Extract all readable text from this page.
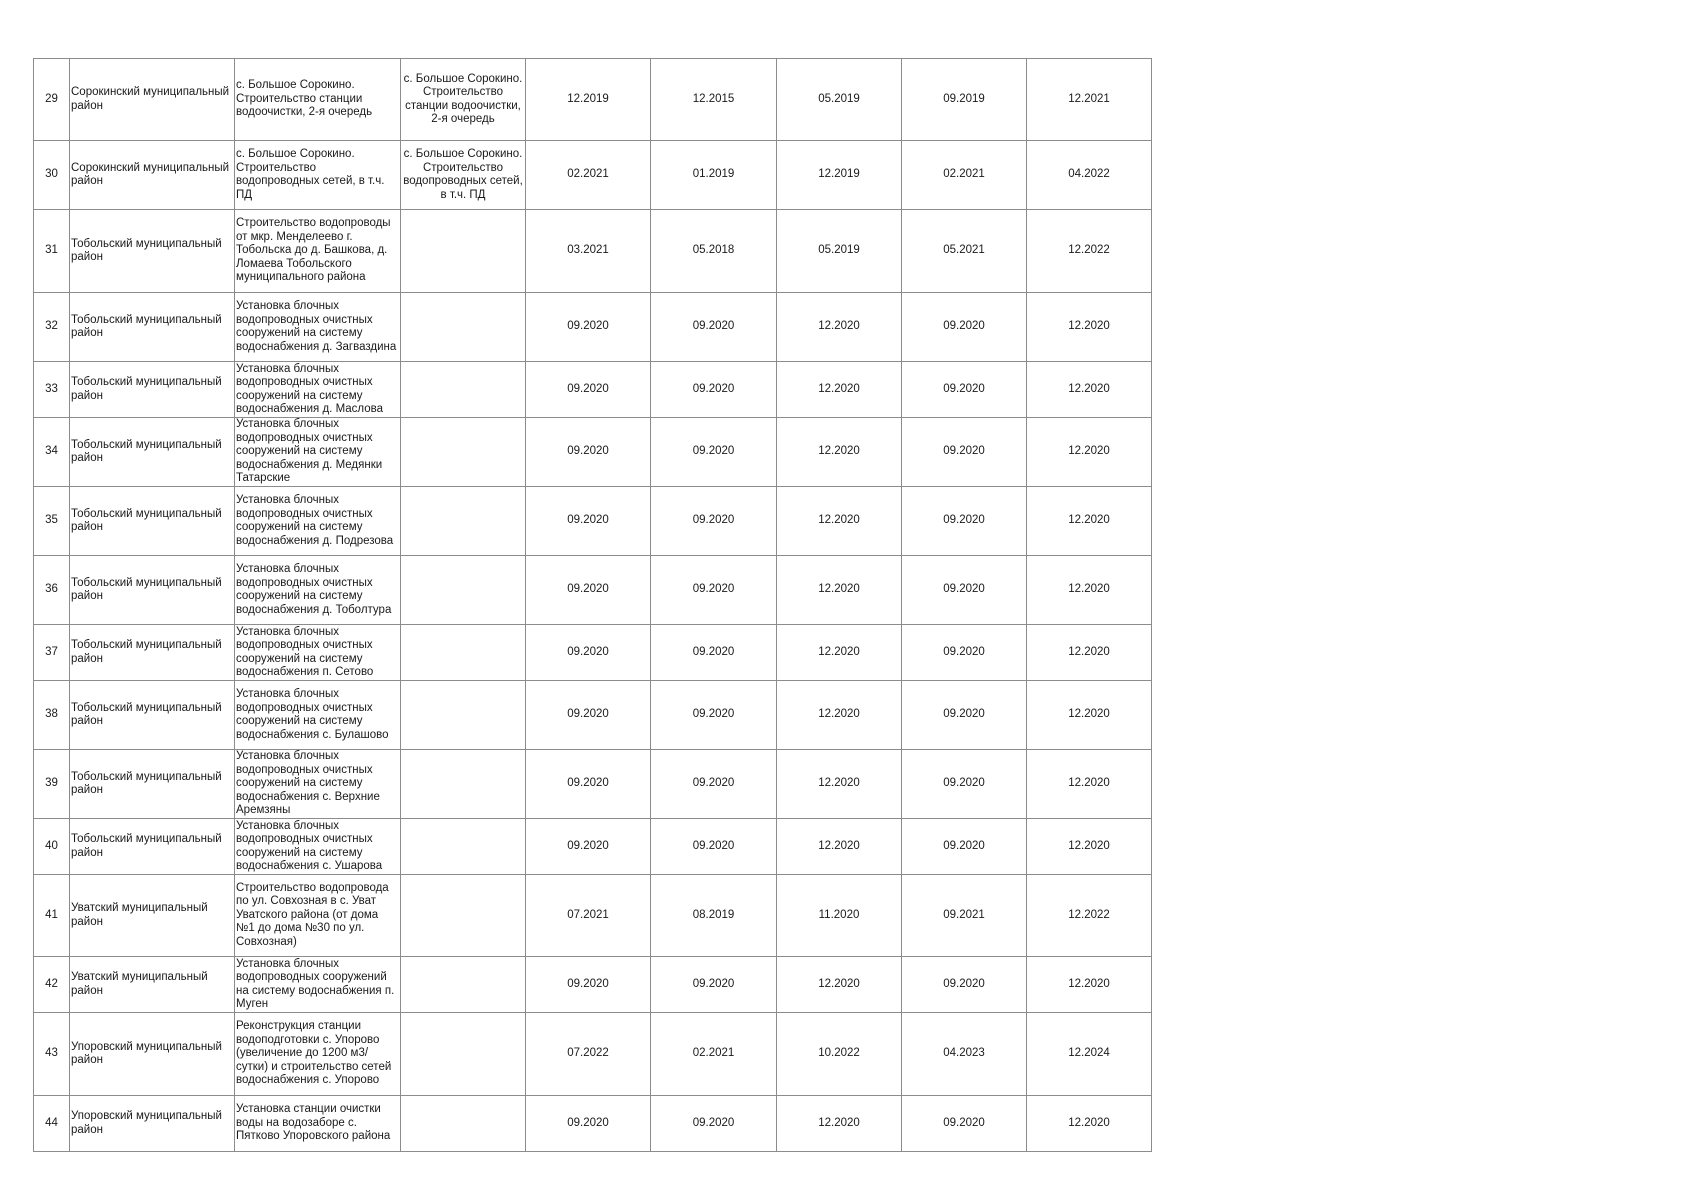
29	Сорокинский муниципальный район	с. Большое Сорокино. Строительство станции водоочистки, 2-я очередь	с. Большое Сорокино. Строительство станции водоочистки, 2-я очередь	12.2019	12.2015	05.2019	09.2019	12.2021
30	Сорокинский муниципальный район	с. Большое Сорокино. Строительство водопроводных сетей, в т.ч. ПД	с. Большое Сорокино. Строительство водопроводных сетей, в т.ч. ПД	02.2021	01.2019	12.2019	02.2021	04.2022
31	Тобольский муниципальный район	Строительство водопроводы от мкр. Менделеево г. Тобольска до д. Башкова, д. Ломаева Тобольского муниципального района		03.2021	05.2018	05.2019	05.2021	12.2022
32	Тобольский муниципальный район	Установка блочных водопроводных очистных сооружений на систему водоснабжения д. Загваздина		09.2020	09.2020	12.2020	09.2020	12.2020
33	Тобольский муниципальный район	Установка блочных водопроводных очистных сооружений на систему водоснабжения д. Маслова		09.2020	09.2020	12.2020	09.2020	12.2020
34	Тобольский муниципальный район	Установка блочных водопроводных очистных сооружений на систему водоснабжения д. Медянки Татарские		09.2020	09.2020	12.2020	09.2020	12.2020
35	Тобольский муниципальный район	Установка блочных водопроводных очистных сооружений на систему водоснабжения д. Подрезова		09.2020	09.2020	12.2020	09.2020	12.2020
36	Тобольский муниципальный район	Установка блочных водопроводных очистных сооружений на систему водоснабжения д. Тоболтура		09.2020	09.2020	12.2020	09.2020	12.2020
37	Тобольский муниципальный район	Установка блочных водопроводных очистных сооружений на систему водоснабжения п. Сетово		09.2020	09.2020	12.2020	09.2020	12.2020
38	Тобольский муниципальный район	Установка блочных водопроводных очистных сооружений на систему водоснабжения с. Булашово		09.2020	09.2020	12.2020	09.2020	12.2020
39	Тобольский муниципальный район	Установка блочных водопроводных очистных сооружений на систему водоснабжения с. Верхние Аремзяны		09.2020	09.2020	12.2020	09.2020	12.2020
40	Тобольский муниципальный район	Установка блочных водопроводных очистных сооружений на систему водоснабжения с. Ушарова		09.2020	09.2020	12.2020	09.2020	12.2020
41	Уватский муниципальный район	Строительство водопровода по ул. Совхозная в с. Уват Уватского района (от дома №1 до дома №30 по ул. Совхозная)		07.2021	08.2019	11.2020	09.2021	12.2022
42	Уватский муниципальный район	Установка блочных водопроводных сооружений на систему водоснабжения п. Муген		09.2020	09.2020	12.2020	09.2020	12.2020
43	Упоровский муниципальный район	Реконструкция станции водоподготовки с. Упорово (увеличение до 1200 м3/сутки) и строительство сетей водоснабжения с. Упорово		07.2022	02.2021	10.2022	04.2023	12.2024
44	Упоровский муниципальный район	Установка станции очистки воды на водозаборе с. Пятково Упоровского района		09.2020	09.2020	12.2020	09.2020	12.2020
